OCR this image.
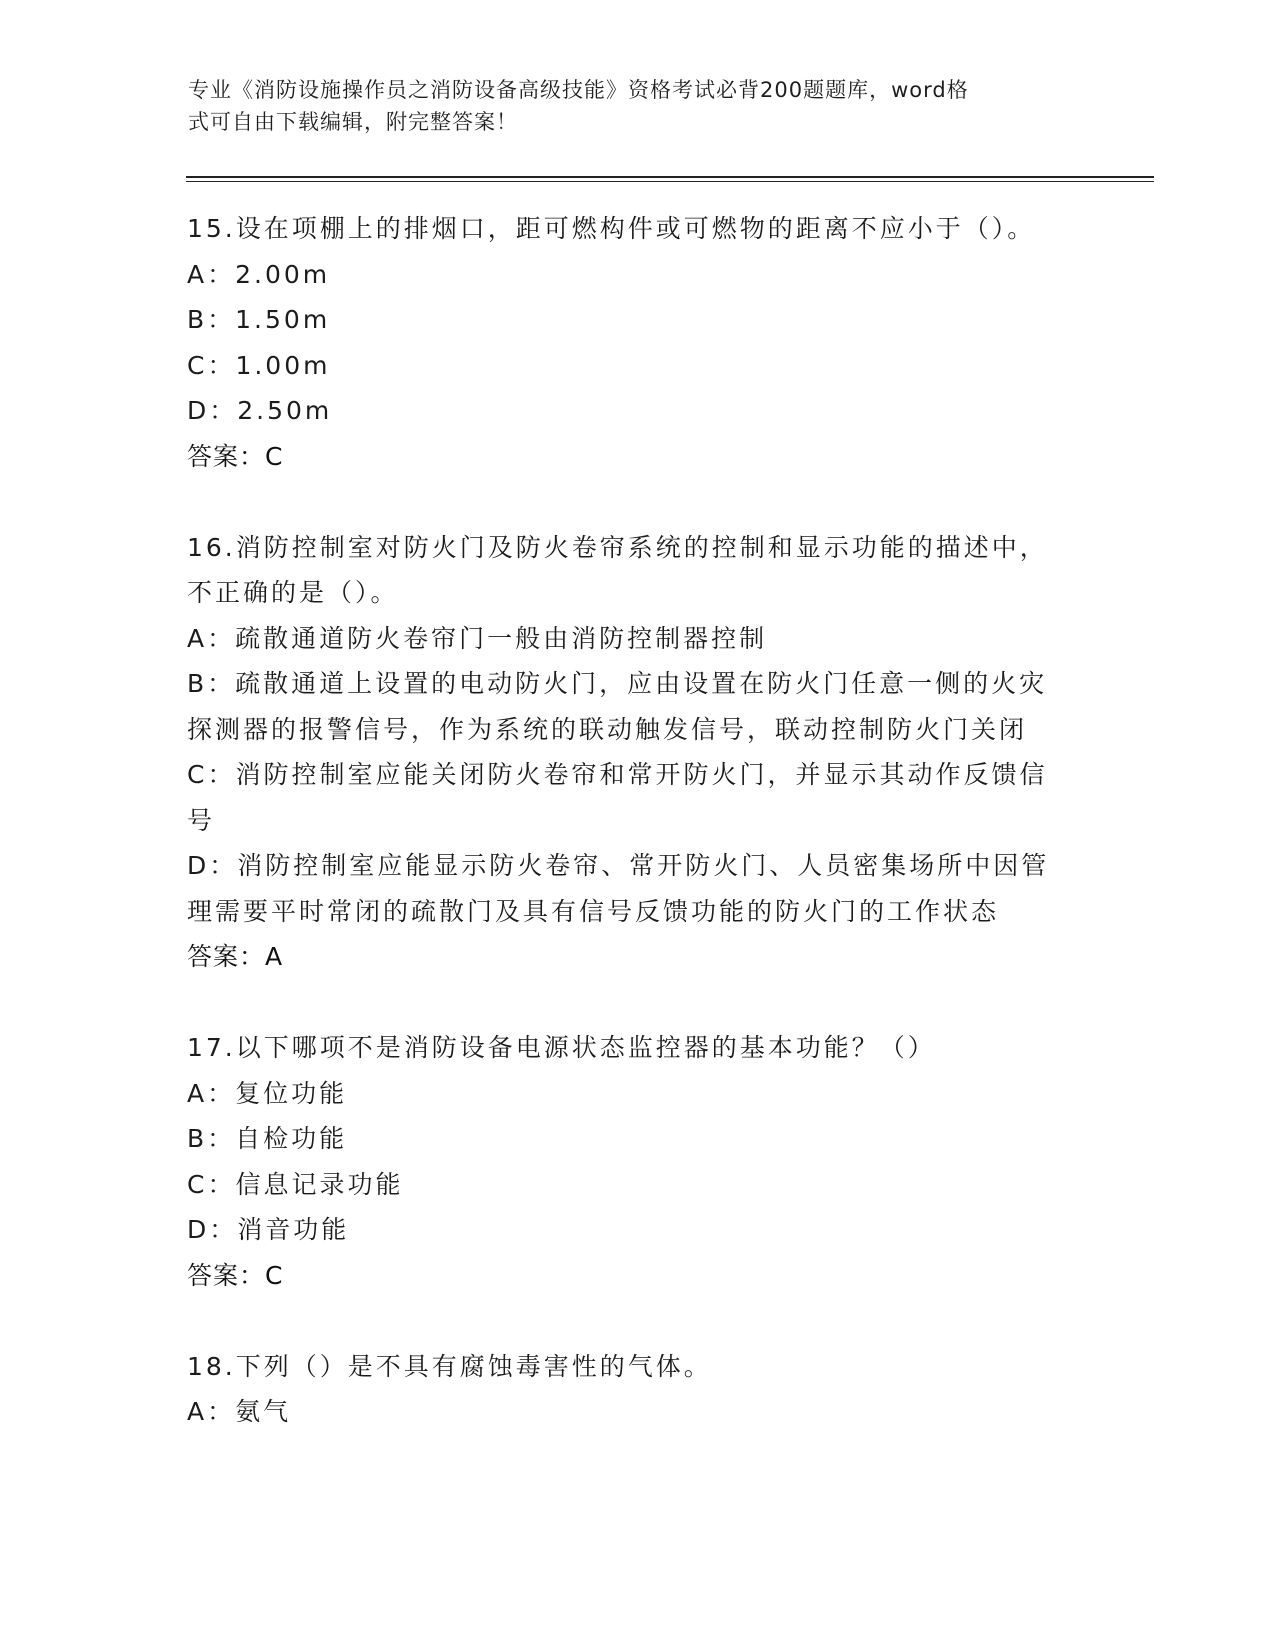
专业《消防设施操作员之消防设备高级技能》资格考试必背200题题库，word格
式可自由下载编辑，附完整答案！
15.设在项棚上的排烟口，距可燃构件或可燃物的距离不应小于（）。
A：2.00m
B：1.50m
C：1.00m
D：2.50m
答案：C
16.消防控制室对防火门及防火卷帘系统的控制和显示功能的描述中，
不正确的是（）。
A：疏散通道防火卷帘门一般由消防控制器控制
B：疏散通道上设置的电动防火门，应由设置在防火门任意一侧的火灾
探测器的报警信号，作为系统的联动触发信号，联动控制防火门关闭
C：消防控制室应能关闭防火卷帘和常开防火门，并显示其动作反馈信
号
D：消防控制室应能显示防火卷帘、常开防火门、人员密集场所中因管
理需要平时常闭的疏散门及具有信号反馈功能的防火门的工作状态
答案：A
17.以下哪项不是消防设备电源状态监控器的基本功能？（）
A：复位功能
B：自检功能
C：信息记录功能
D：消音功能
答案：C
18.下列（）是不具有腐蚀毒害性的气体。
A：氨气
